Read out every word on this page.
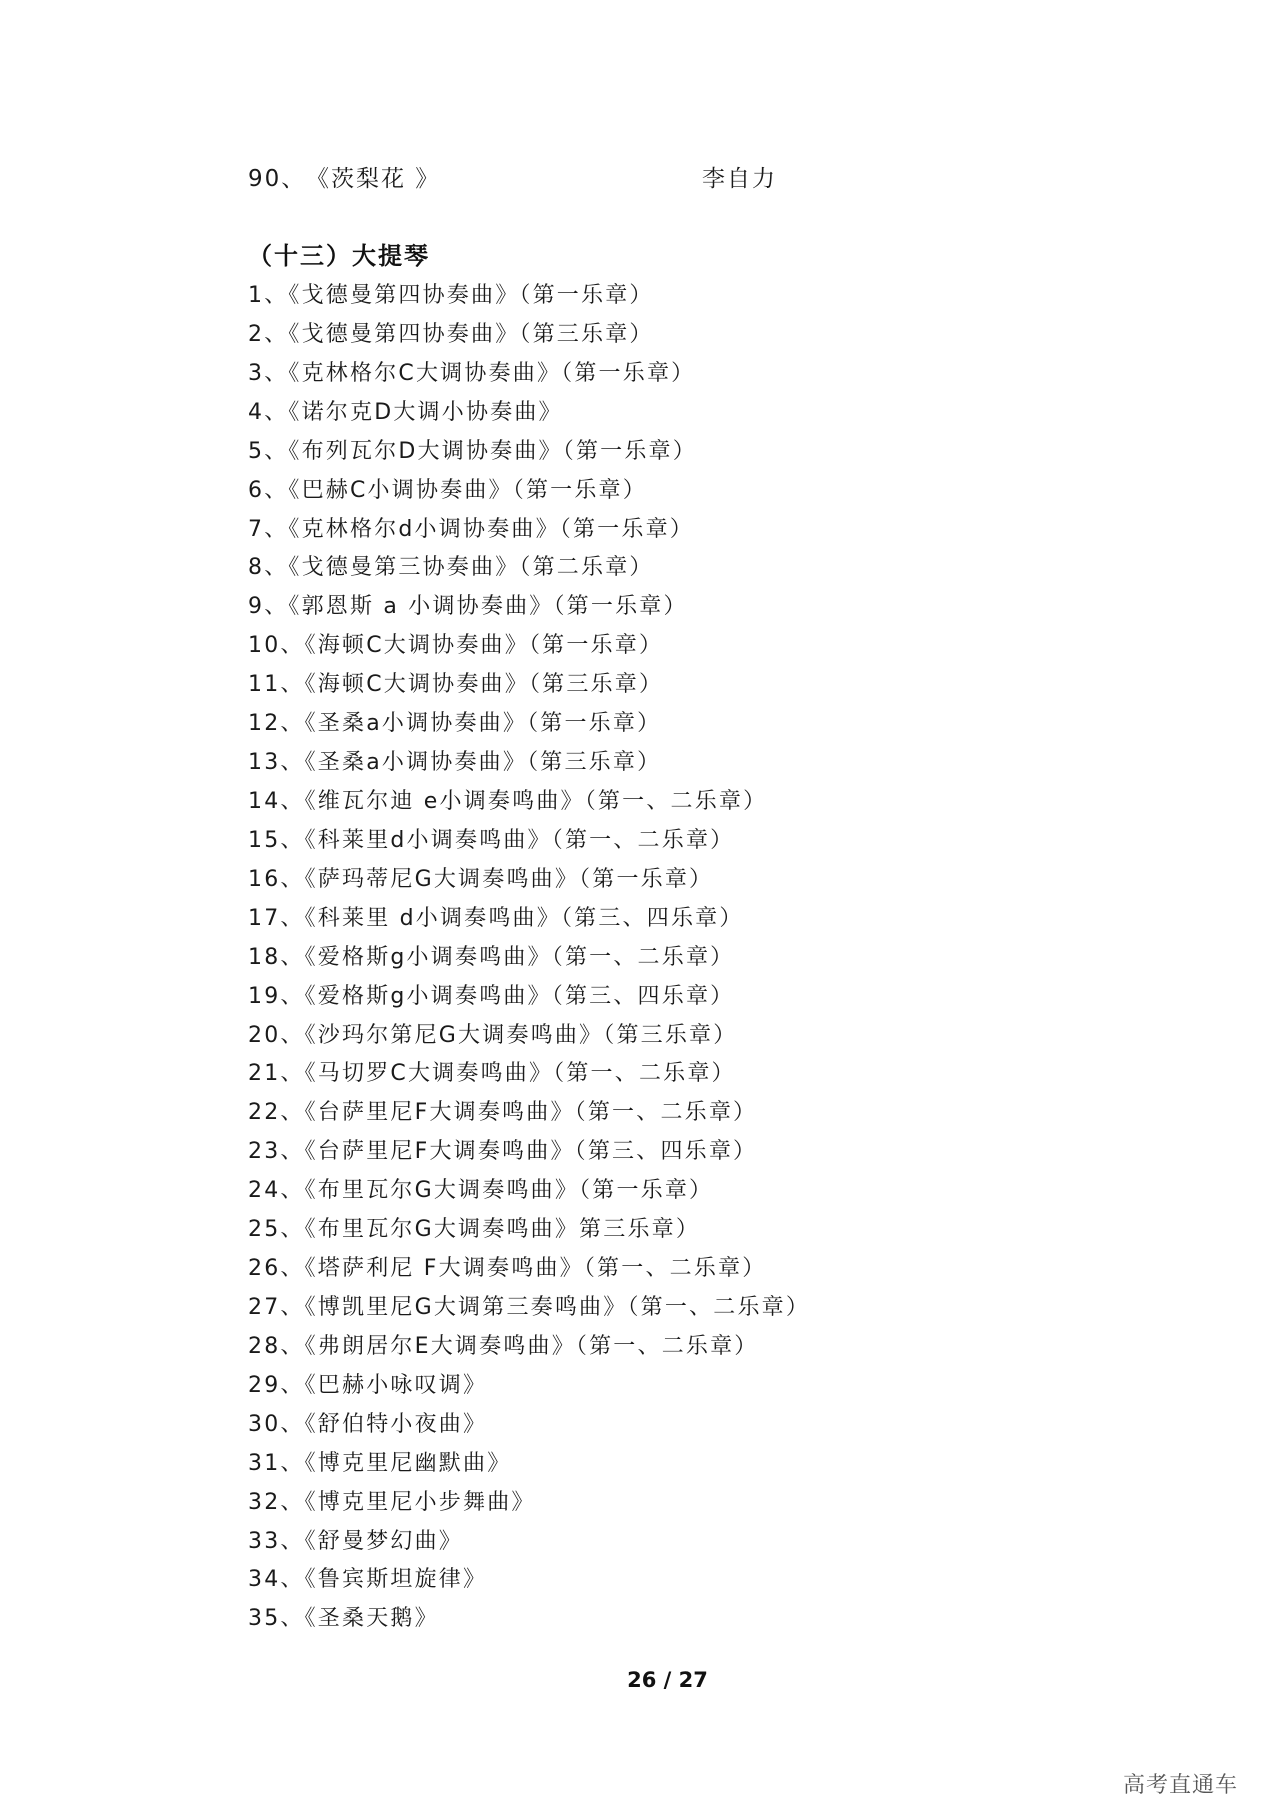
90、 《茨梨花 》	李自力
（十三）大提琴
1、《戈德曼第四协奏曲》（第一乐章）
2、《戈德曼第四协奏曲》（第三乐章）
3、《克林格尔C大调协奏曲》（第一乐章）
4、《诺尔克D大调小协奏曲》
5、《布列瓦尔D大调协奏曲》（第一乐章）
6、《巴赫C小调协奏曲》（第一乐章）
7、《克林格尔d小调协奏曲》（第一乐章）
8、《戈德曼第三协奏曲》（第二乐章）
9、《郭恩斯 a 小调协奏曲》（第一乐章）
10、《海顿C大调协奏曲》（第一乐章）
11、《海顿C大调协奏曲》（第三乐章）
12、《圣桑a小调协奏曲》（第一乐章）
13、《圣桑a小调协奏曲》（第三乐章）
14、《维瓦尔迪 e小调奏鸣曲》（第一、二乐章）
15、《科莱里d小调奏鸣曲》（第一、二乐章）
16、《萨玛蒂尼G大调奏鸣曲》（第一乐章）
17、《科莱里 d小调奏鸣曲》（第三、四乐章）
18、《爱格斯g小调奏鸣曲》（第一、二乐章）
19、《爱格斯g小调奏鸣曲》（第三、四乐章）
20、《沙玛尔第尼G大调奏鸣曲》（第三乐章）
21、《马切罗C大调奏鸣曲》（第一、二乐章）
22、《台萨里尼F大调奏鸣曲》（第一、二乐章）
23、《台萨里尼F大调奏鸣曲》（第三、四乐章）
24、《布里瓦尔G大调奏鸣曲》（第一乐章）
25、《布里瓦尔G大调奏鸣曲》第三乐章）
26、《塔萨利尼 F大调奏鸣曲》（第一、二乐章）
27、《博凯里尼G大调第三奏鸣曲》（第一、二乐章）
28、《弗朗居尔E大调奏鸣曲》（第一、二乐章）
29、《巴赫小咏叹调》
30、《舒伯特小夜曲》
31、《博克里尼幽默曲》
32、《博克里尼小步舞曲》
33、《舒曼梦幻曲》
34、《鲁宾斯坦旋律》
35、《圣桑天鹅》
26 / 27
高考直通车
